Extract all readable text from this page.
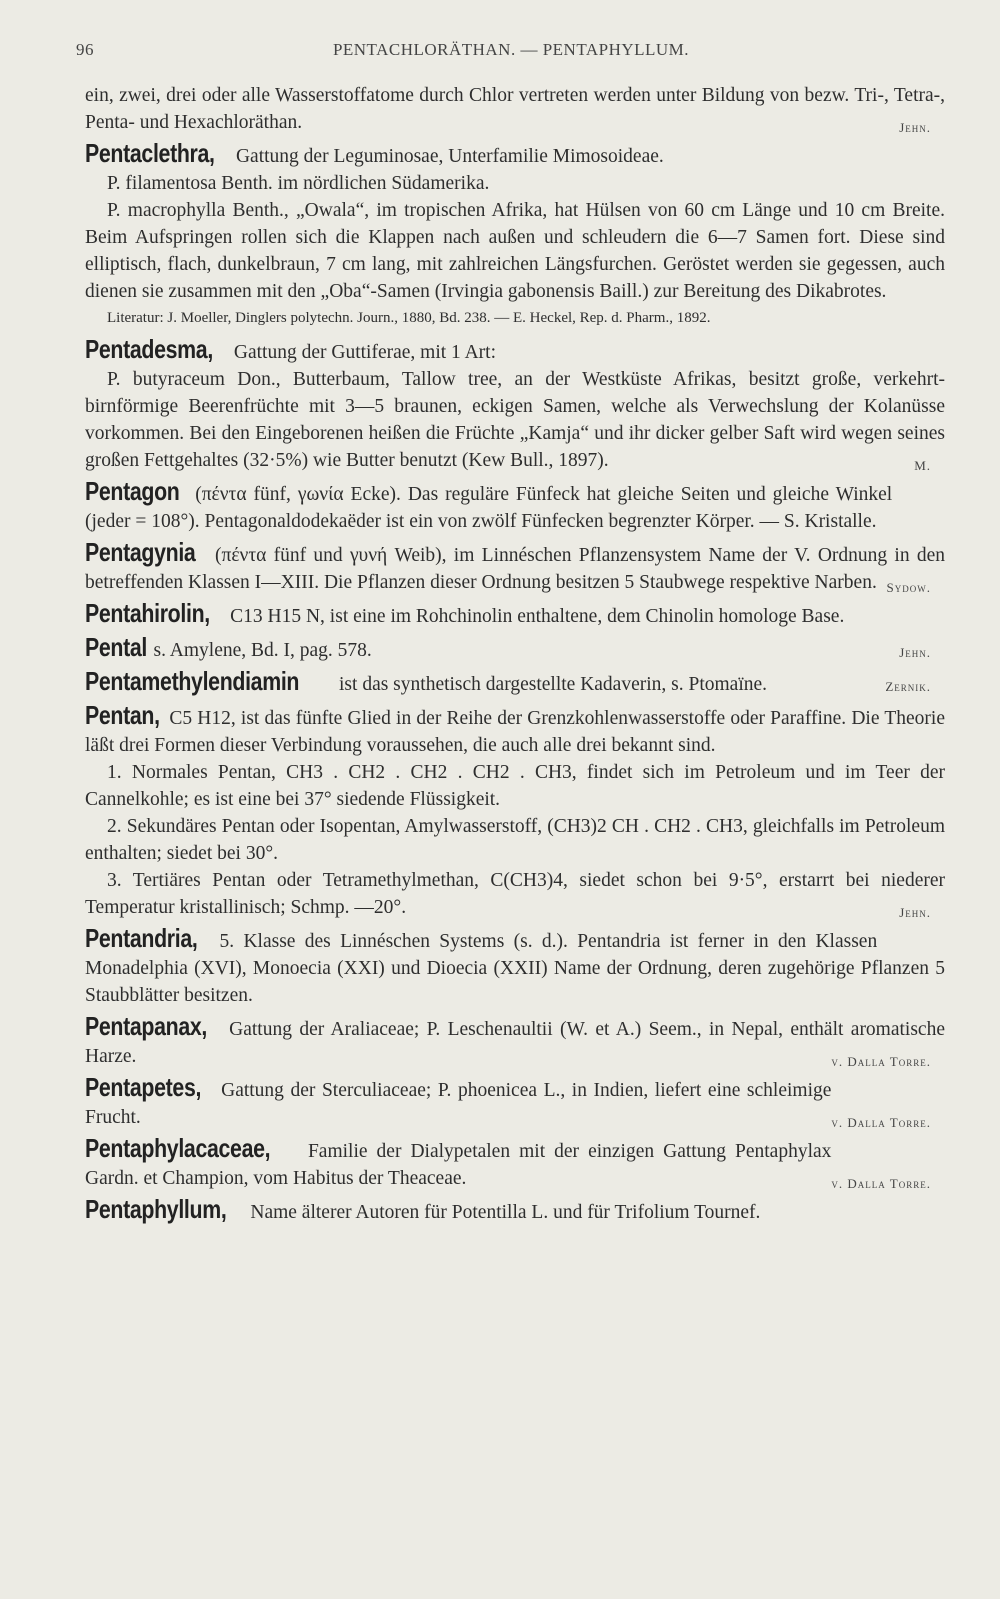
96	PENTACHLORÄTHAN. — PENTAPHYLLUM.

ein, zwei, drei oder alle Wasserstoffatome durch Chlor vertreten werden unter Bildung von bezw. Tri-, Tetra-, Penta- und Hexachloräthan.	Jehn.

Pentaclethra, Gattung der Leguminosae, Unterfamilie Mimosoideae.

P. filamentosa Benth. im nördlichen Südamerika.

P. macrophylla Benth., „Owala“, im tropischen Afrika, hat Hülsen von 60 cm Länge und 10 cm Breite. Beim Aufspringen rollen sich die Klappen nach außen und schleudern die 6—7 Samen fort. Diese sind elliptisch, flach, dunkelbraun, 7 cm lang, mit zahlreichen Längsfurchen. Geröstet werden sie gegessen, auch dienen sie zusammen mit den „Oba“-Samen (Irvingia gabonensis Baill.) zur Bereitung des Dikabrotes.

Literatur: J. Moeller, Dinglers polytechn. Journ., 1880, Bd. 238. — E. Heckel, Rep. d. Pharm., 1892.

Pentadesma, Gattung der Guttiferae, mit 1 Art:

P. butyraceum Don., Butterbaum, Tallow tree, an der Westküste Afrikas, besitzt große, verkehrt-birnförmige Beerenfrüchte mit 3—5 braunen, eckigen Samen, welche als Verwechslung der Kolanüsse vorkommen. Bei den Eingeborenen heißen die Früchte „Kamja“ und ihr dicker gelber Saft wird wegen seines großen Fettgehaltes (32·5%) wie Butter benutzt (Kew Bull., 1897).	M.

Pentagon (πέντα fünf, γωνία Ecke). Das reguläre Fünfeck hat gleiche Seiten und gleiche Winkel (jeder = 108°). Pentagonaldodekaëder ist ein von zwölf Fünfecken begrenzter Körper. — S. Kristalle.

Pentagynia (πέντα fünf und γυνή Weib), im Linnéschen Pflanzensystem Name der V. Ordnung in den betreffenden Klassen I—XIII. Die Pflanzen dieser Ordnung besitzen 5 Staubwege respektive Narben. Sydow.

Pentahirolin, C13 H15 N, ist eine im Rohchinolin enthaltene, dem Chinolin homologe Base.

Pental s. Amylene, Bd. I, pag. 578.	Jehn.

Pentamethylendiamin ist das synthetisch dargestellte Kadaverin, s. Ptomaïne.	Zernik.

Pentan, C5 H12, ist das fünfte Glied in der Reihe der Grenzkohlenwasserstoffe oder Paraffine. Die Theorie läßt drei Formen dieser Verbindung voraussehen, die auch alle drei bekannt sind.

1. Normales Pentan, CH3 . CH2 . CH2 . CH2 . CH3, findet sich im Petroleum und im Teer der Cannelkohle; es ist eine bei 37° siedende Flüssigkeit.

2. Sekundäres Pentan oder Isopentan, Amylwasserstoff, (CH3)2 CH . CH2 . CH3, gleichfalls im Petroleum enthalten; siedet bei 30°.

3. Tertiäres Pentan oder Tetramethylmethan, C(CH3)4, siedet schon bei 9·5°, erstarrt bei niederer Temperatur kristallinisch; Schmp. —20°.	Jehn.

Pentandria, 5. Klasse des Linnéschen Systems (s. d.). Pentandria ist ferner in den Klassen Monadelphia (XVI), Monoecia (XXI) und Dioecia (XXII) Name der Ordnung, deren zugehörige Pflanzen 5 Staubblätter besitzen.

Pentapanax, Gattung der Araliaceae; P. Leschenaultii (W. et A.) Seem., in Nepal, enthält aromatische Harze.	v. Dalla Torre.

Pentapetes, Gattung der Sterculiaceae; P. phoenicea L., in Indien, liefert eine schleimige Frucht.	v. Dalla Torre.

Pentaphylacaceae, Familie der Dialypetalen mit der einzigen Gattung Pentaphylax Gardn. et Champion, vom Habitus der Theaceae.	v. Dalla Torre.

Pentaphyllum, Name älterer Autoren für Potentilla L. und für Trifolium Tournef.
